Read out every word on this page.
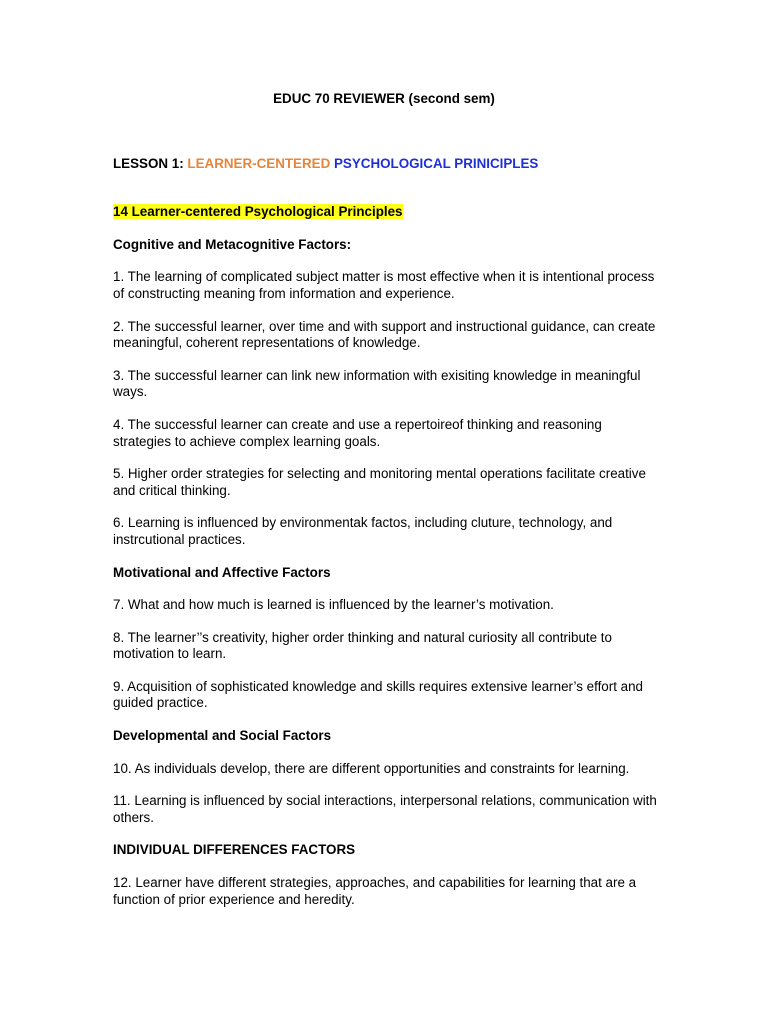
EDUC 70 REVIEWER (second sem)

LESSON 1: LEARNER-CENTERED PSYCHOLOGICAL PRINICIPLES

14 Learner-centered Psychological Principles

Cognitive and Metacognitive Factors:

1. The learning of complicated subject matter is most effective when it is intentional process of constructing meaning from information and experience.

2. The successful learner, over time and with support and instructional guidance, can create meaningful, coherent representations of knowledge.

3. The successful learner can link new information with exisiting knowledge in meaningful ways.

4. The successful learner can create and use a repertoireof thinking and reasoning strategies to achieve complex learning goals.

5. Higher order strategies for selecting and monitoring mental operations facilitate creative and critical thinking.

6. Learning is influenced by environmentak factos, including cluture, technology, and instrcutional practices.

Motivational and Affective Factors

7. What and how much is learned is influenced by the learner’s motivation.

8. The learner’’s creativity, higher order thinking and natural curiosity all contribute to motivation to learn.

9. Acquisition of sophisticated knowledge and skills requires extensive learner’s effort and guided practice.

Developmental and Social Factors

10. As individuals develop, there are different opportunities and constraints for learning.

11. Learning is influenced by social interactions, interpersonal relations, communication with others.

INDIVIDUAL DIFFERENCES FACTORS

12. Learner have different strategies, approaches, and capabilities for learning that are a function of prior experience and heredity.
